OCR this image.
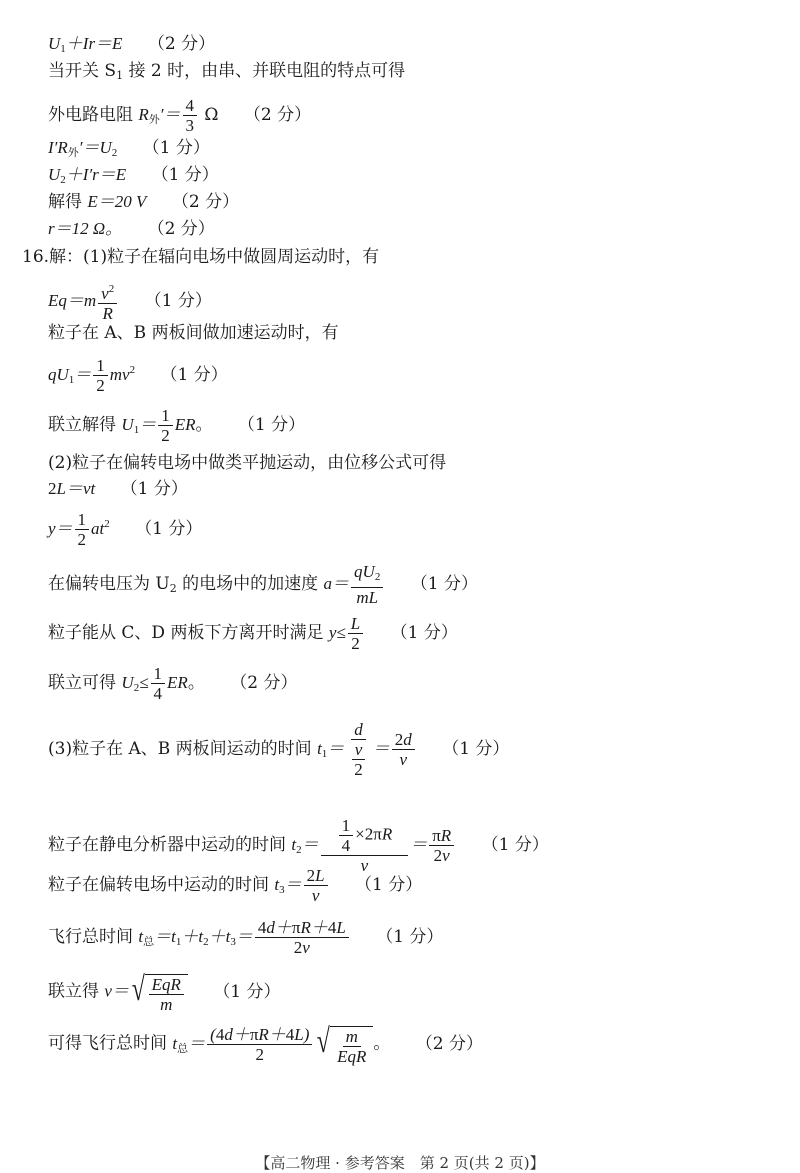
$U_1+Ir=E$ （2 分）
当开关 $S_1$ 接 2 时，由串、并联电阻的特点可得
外电路电阻 $R_外'= \frac{4}{3}$ Ω （2 分）
$I'R_外'=U_2$ （1 分）
$U_2+I'r=E$ （1 分）
解得 E＝20 V （2 分）
r＝12 Ω。 （2 分）
16.解：(1)粒子在辐向电场中做圆周运动时，有
$Eq=m \frac{v^2}{R} (1$ 分）
粒子在 A、B 两板间做加速运动时，有
$qU_1= \frac{1}{2} mv^2$ （1 分）
联立解得 $U_1= \frac{1}{2}$ ER。 （1 分）
(2)粒子在偏转电场中做类平抛运动，由位移公式可得
2L＝vt （1 分）
$y= \frac{1}{2} at^2$ （1 分）
在偏转电压为 $U_2$ 的电场中的加速度 $a= \frac{qU_2}{mL} (1$ 分）
粒子能从 C、D 两板下方离开时满足 $y\le \frac{L}{2} (1$ 分）
联立可得 $U_2\le \frac{1}{4}$ ER。 （2 分）
(3)粒子在 A、B 两板间运动的时间 $t_1= \frac{d}{\frac{v}{2}} = \frac{2d}{v} (1$ 分）
粒子在静电分析器中运动的时间 $t_2= \frac{\frac{1}{4} \times 2\pi R}{v} = \frac{\pi R}{2v} (1$ 分）
粒子在偏转电场中运动的时间 $t_3= \frac{2L}{v} (1$ 分）
飞行总时间 $t_总=t_1+t_2+t_3= \frac{4d+\pi R+4L}{2v} (1$ 分）
联立得 v＝ √ $\frac{\text{EqR}}{m} (1$ 分）
可得飞行总时间 $t_总= \frac{(4d+\pi R+4L)}{2}$ √ $\frac{m}{\text{EqR}}$ 。 （2 分）
【高二物理 · 参考答案　第 2 页(共 2 页)】
